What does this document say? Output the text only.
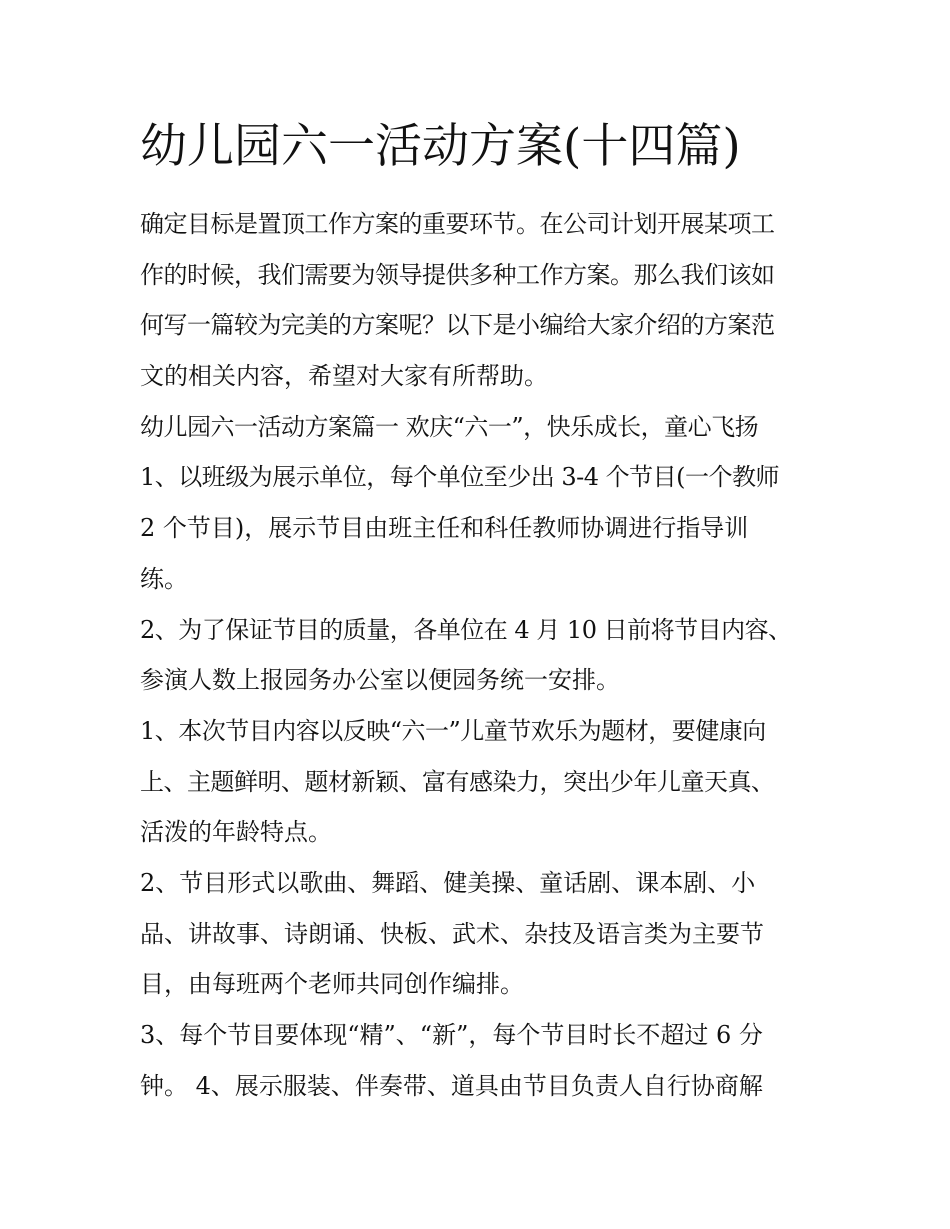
幼儿园六一活动方案(十四篇)
确定目标是置顶工作方案的重要环节。在公司计划开展某项工
作的时候，我们需要为领导提供多种工作方案。那么我们该如
何写一篇较为完美的方案呢？以下是小编给大家介绍的方案范
文的相关内容，希望对大家有所帮助。
幼儿园六一活动方案篇一 欢庆“六一”，快乐成长，童心飞扬
1、以班级为展示单位，每个单位至少出 3-4 个节目(一个教师
2 个节目)，展示节目由班主任和科任教师协调进行指导训
练。
2、为了保证节目的质量，各单位在 4 月 10 日前将节目内容、
参演人数上报园务办公室以便园务统一安排。
1、本次节目内容以反映“六一”儿童节欢乐为题材，要健康向
上、主题鲜明、题材新颖、富有感染力，突出少年儿童天真、
活泼的年龄特点。
2、节目形式以歌曲、舞蹈、健美操、童话剧、课本剧、小
品、讲故事、诗朗诵、快板、武术、杂技及语言类为主要节
目，由每班两个老师共同创作编排。
3、每个节目要体现“精”、“新”，每个节目时长不超过 6 分
钟。 4、展示服装、伴奏带、道具由节目负责人自行协商解
